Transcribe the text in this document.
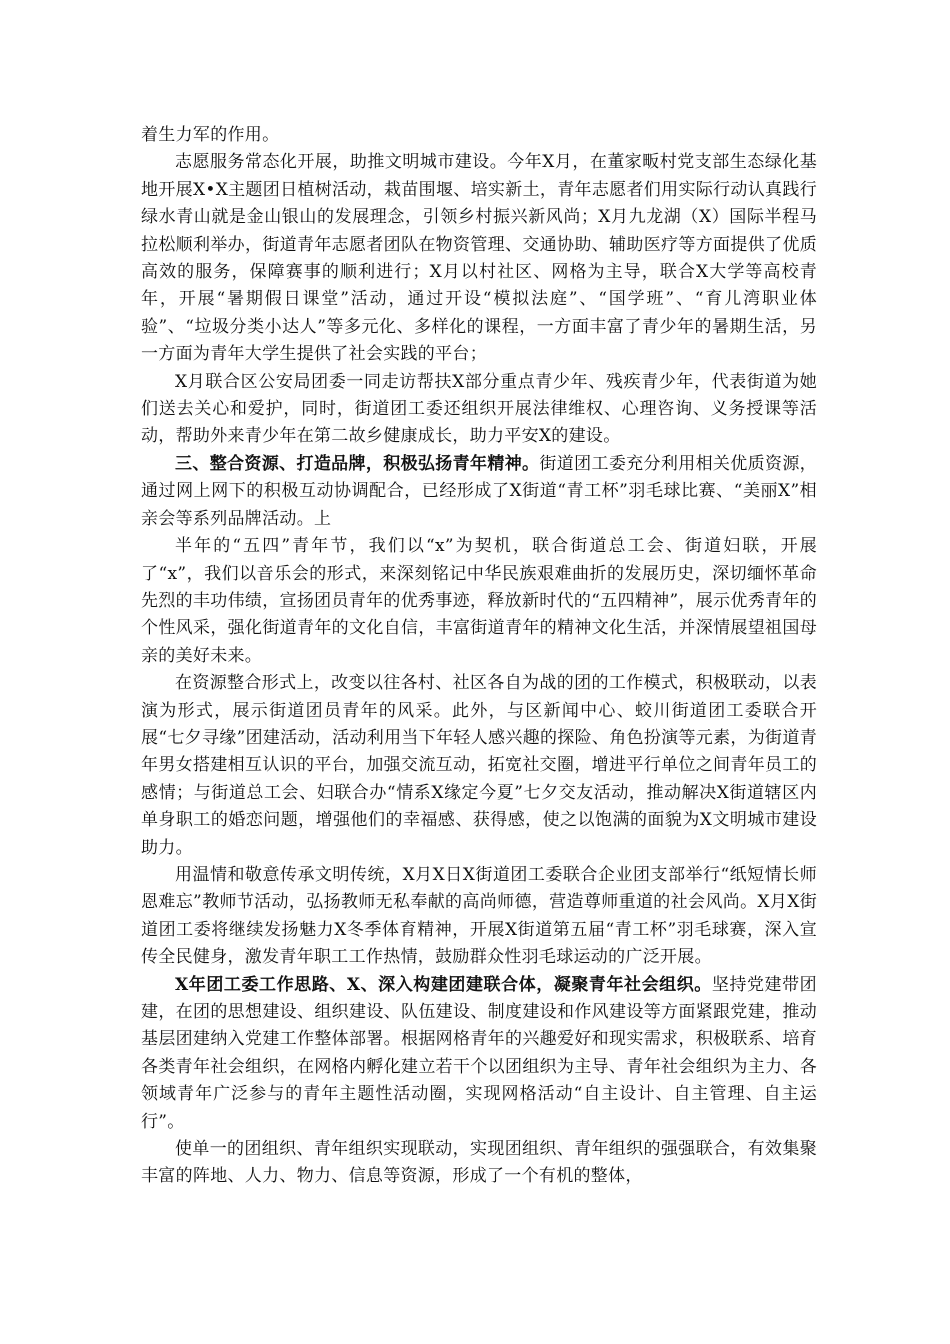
着生力军的作用。

志愿服务常态化开展，助推文明城市建设。今年X月，在董家畈村党支部生态绿化基地开展X•X主题团日植树活动，栽苗围堰、培实新土，青年志愿者们用实际行动认真践行绿水青山就是金山银山的发展理念，引领乡村振兴新风尚；X月九龙湖（X）国际半程马拉松顺利举办，街道青年志愿者团队在物资管理、交通协助、辅助医疗等方面提供了优质高效的服务，保障赛事的顺利进行；X月以村社区、网格为主导，联合X大学等高校青年，开展“暑期假日课堂”活动，通过开设“模拟法庭”、“国学班”、“育儿湾职业体验”、“垃圾分类小达人”等多元化、多样化的课程，一方面丰富了青少年的暑期生活，另一方面为青年大学生提供了社会实践的平台；

X月联合区公安局团委一同走访帮扶X部分重点青少年、残疾青少年，代表街道为她们送去关心和爱护，同时，街道团工委还组织开展法律维权、心理咨询、义务授课等活动，帮助外来青少年在第二故乡健康成长，助力平安X的建设。

三、整合资源、打造品牌，积极弘扬青年精神。街道团工委充分利用相关优质资源，通过网上网下的积极互动协调配合，已经形成了X街道“青工杯”羽毛球比赛、“美丽X”相亲会等系列品牌活动。上

半年的“五四”青年节，我们以“x”为契机，联合街道总工会、街道妇联，开展了“x”，我们以音乐会的形式，来深刻铭记中华民族艰难曲折的发展历史，深切缅怀革命先烈的丰功伟绩，宣扬团员青年的优秀事迹，释放新时代的“五四精神”，展示优秀青年的个性风采，强化街道青年的文化自信，丰富街道青年的精神文化生活，并深情展望祖国母亲的美好未来。

在资源整合形式上，改变以往各村、社区各自为战的团的工作模式，积极联动，以表演为形式，展示街道团员青年的风采。此外，与区新闻中心、蛟川街道团工委联合开展“七夕寻缘”团建活动，活动利用当下年轻人感兴趣的探险、角色扮演等元素，为街道青年男女搭建相互认识的平台，加强交流互动，拓宽社交圈，增进平行单位之间青年员工的感情；与街道总工会、妇联合办“情系X缘定今夏”七夕交友活动，推动解决X街道辖区内单身职工的婚恋问题，增强他们的幸福感、获得感，使之以饱满的面貌为X文明城市建设助力。

用温情和敬意传承文明传统，X月X日X街道团工委联合企业团支部举行“纸短情长师恩难忘”教师节活动，弘扬教师无私奉献的高尚师德，营造尊师重道的社会风尚。X月X街道团工委将继续发扬魅力X冬季体育精神，开展X街道第五届“青工杯”羽毛球赛，深入宣传全民健身，激发青年职工工作热情，鼓励群众性羽毛球运动的广泛开展。

X年团工委工作思路、X、深入构建团建联合体，凝聚青年社会组织。坚持党建带团建，在团的思想建设、组织建设、队伍建设、制度建设和作风建设等方面紧跟党建，推动基层团建纳入党建工作整体部署。根据网格青年的兴趣爱好和现实需求，积极联系、培育各类青年社会组织，在网格内孵化建立若干个以团组织为主导、青年社会组织为主力、各领域青年广泛参与的青年主题性活动圈，实现网格活动“自主设计、自主管理、自主运行”。

使单一的团组织、青年组织实现联动，实现团组织、青年组织的强强联合，有效集聚丰富的阵地、人力、物力、信息等资源，形成了一个有机的整体，
